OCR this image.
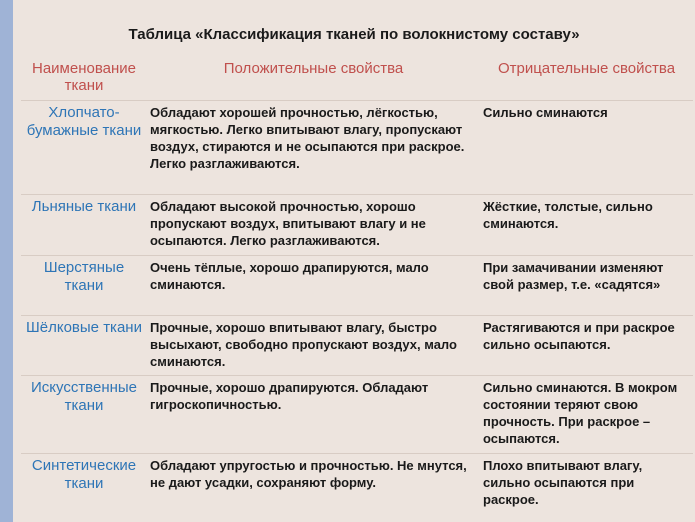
Таблица «Классификация тканей по волокнистому составу»
Наименование ткани	Положительные свойства	Отрицательные свойства
Хлопчато-бумажные ткани	Обладают хорошей прочностью, лёгкостью, мягкостью. Легко впитывают влагу, пропускают воздух, стираются и не осыпаются при раскрое. Легко разглаживаются.	Сильно сминаются
Льняные ткани	Обладают высокой прочностью, хорошо пропускают воздух, впитывают влагу и не осыпаются. Легко разглаживаются.	Жёсткие, толстые, сильно сминаются.
Шерстяные ткани	Очень тёплые, хорошо драпируются, мало сминаются.	При замачивании изменяют свой размер, т.е. «садятся»
Шёлковые ткани	Прочные, хорошо впитывают влагу, быстро высыхают, свободно пропускают воздух, мало сминаются.	Растягиваются и при раскрое сильно осыпаются.
Искусственные ткани	Прочные, хорошо драпируются. Обладают гигроскопичностью.	Сильно сминаются. В мокром состоянии теряют свою прочность. При раскрое – осыпаются.
Синтетические ткани	Обладают упругостью и прочностью. Не мнутся, не дают усадки, сохраняют форму.	Плохо впитывают влагу, сильно осыпаются при раскрое.
